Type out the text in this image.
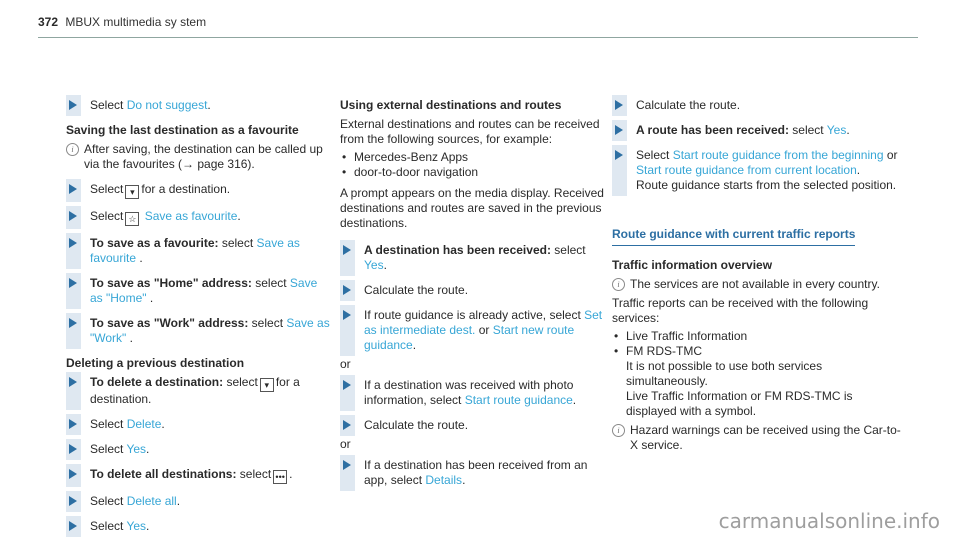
372 MBUX multimedia sy stem
Select Do not suggest.
Saving the last destination as a favourite
i After saving, the destination can be called up via the favourites (→ page 316).
Select ▾ for a destination.
Select ☆ Save as favourite.
To save as a favourite: select Save as favourite .
To save as "Home" address: select Save as "Home" .
To save as "Work" address: select Save as "Work" .
Deleting a previous destination
To delete a destination: select ▾ for a destination.
Select Delete.
Select Yes.
To delete all destinations: select ••• .
Select Delete all.
Select Yes.
Using external destinations and routes
External destinations and routes can be received from the following sources, for example:
• Mercedes-Benz Apps
• door-to-door navigation
A prompt appears on the media display. Received destinations and routes are saved in the previous destinations.
A destination has been received: select Yes.
Calculate the route.
If route guidance is already active, select Set as intermediate dest. or Start new route guidance.
or
If a destination was received with photo information, select Start route guidance.
Calculate the route.
or
If a destination has been received from an app, select Details.
Calculate the route.
A route has been received: select Yes.
Select Start route guidance from the beginning or Start route guidance from current location.
Route guidance starts from the selected position.
Route guidance with current traffic reports
Traffic information overview
i The services are not available in every country.
Traffic reports can be received with the following services:
• Live Traffic Information
• FM RDS-TMC
It is not possible to use both services simultaneously.
Live Traffic Information or FM RDS-TMC is displayed with a symbol.
i Hazard warnings can be received using the Car-to-X service.
carmanualsonline.info
